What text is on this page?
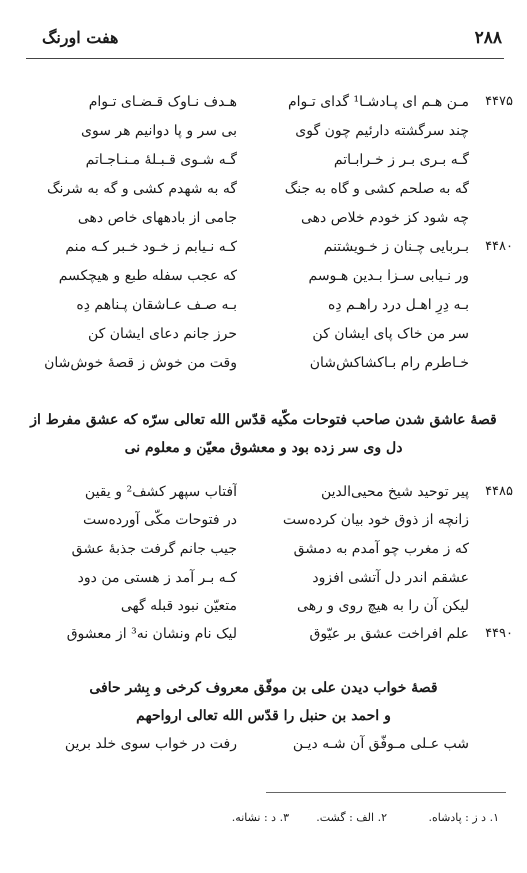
۲۸۸
هفت اورنگ
۴۴۷۵
مـن هـم ای پـادشـا¹ گدای تـوام
هـدف نـاوک قـضـای تـوام
چند سرگشته دارئیم چون گوی
بی سر و پا دوانیم هر سوی
گـه بـری بـر ز خـرابـاتم
گـه شـوی قـبـلهٔ مـنـاجـاتم
گه به صلحم کشی و گاه به جنگ
گه به شهدم کشی و گه به شرنگ
چه شود کز خودم خلاص دهی
جامی از بادههای خاص دهی
۴۴۸۰
بـربایی چـنان ز خـویشتنم
کـه نـیابم ز خـود خـبر کـه منم
ور نـیابی سـزا بـدین هـوسم
که عجب سفله طبع و هیچکسم
بـه دِرِ اهـل درد راهـم دِه
بـه صـف عـاشقان پـناهم دِه
سر من خاک پای ایشان کن
حرز جانم دعای ایشان کن
خـاطرم رام بـاکشاکش‌شان
وقت من خوش ز قصهٔ خوش‌شان
قصهٔ عاشق شدن صاحب فتوحات مکّیه قدّس الله تعالی سرّه که عشق مفرط از
دل وی سر زده بود و معشوق معیّن و معلوم نی
۴۴۸۵
پیر توحید شیخ محیی‌الدین
آفتاب سپهر کشف² و یقین
زانچه از ذوق خود بیان کرده‌ست
در فتوحات مکّی آورده‌ست
که ز مغرب چو آمدم به دمشق
جیب جانم گرفت جذبهٔ عشق
عشقم اندر دل آتشی افزود
کـه بـر آمد ز هستی من دود
لیکن آن را به هیچ روی و رهی
متعیّن نبود قبله گهی
۴۴۹۰
علم افراخت عشق بر عیّوق
لیک نام ونشان نه³ از معشوق
قصهٔ خواب دیدن علی بن موفّق معروف کرخی و بِشر حافی
و احمد بن حنبل را قدّس الله تعالی ارواحهم
شب عـلی مـوفّق آن شـه دیـن
رفت در خواب سوی خلد برین
۱. د ز : پادشاه.
۲. الف : گشت.
۳. د : نشانه.
